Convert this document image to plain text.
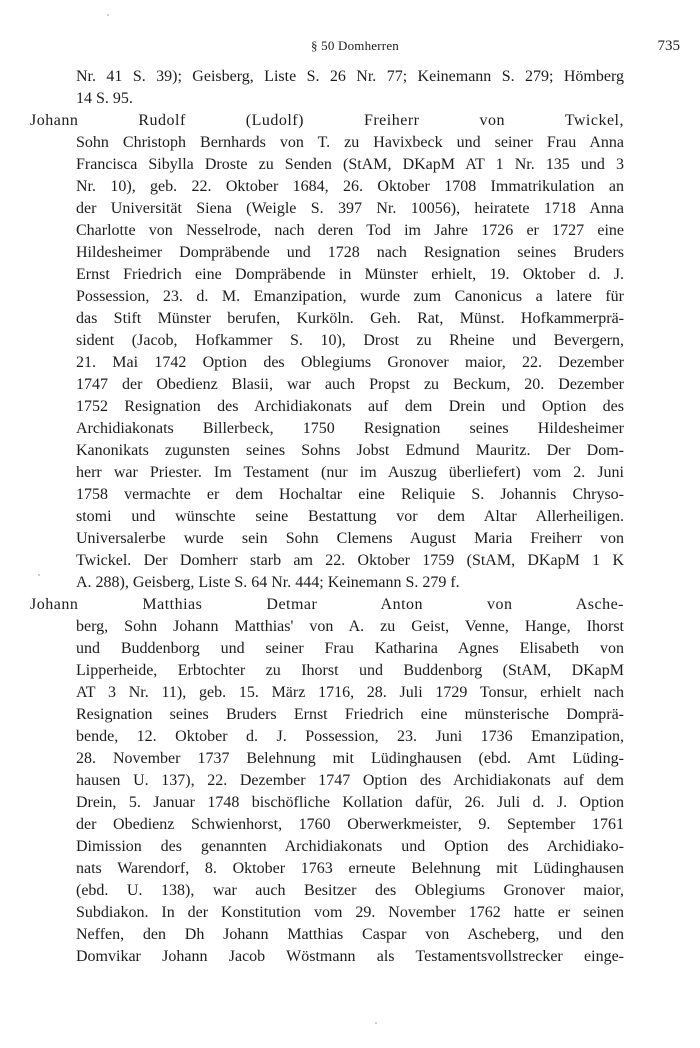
§ 50 Domherren	735
Nr. 41 S. 39); Geisberg, Liste S. 26 Nr. 77; Keinemann S. 279; Hömberg
14 S. 95.
Johann Rudolf (Ludolf) Freiherr von Twickel,
Sohn Christoph Bernhards von T. zu Havixbeck und seiner Frau Anna
Francisca Sibylla Droste zu Senden (StAM, DKapM AT 1 Nr. 135 und 3
Nr. 10), geb. 22. Oktober 1684, 26. Oktober 1708 Immatrikulation an
der Universität Siena (Weigle S. 397 Nr. 10056), heiratete 1718 Anna
Charlotte von Nesselrode, nach deren Tod im Jahre 1726 er 1727 eine
Hildesheimer Dompräbende und 1728 nach Resignation seines Bruders
Ernst Friedrich eine Dompräbende in Münster erhielt, 19. Oktober d. J.
Possession, 23. d. M. Emanzipation, wurde zum Canonicus a latere für
das Stift Münster berufen, Kurköln. Geh. Rat, Münst. Hofkammerprä-
sident (Jacob, Hofkammer S. 10), Drost zu Rheine und Bevergern,
21. Mai 1742 Option des Oblegiums Gronover maior, 22. Dezember
1747 der Obedienz Blasii, war auch Propst zu Beckum, 20. Dezember
1752 Resignation des Archidiakonats auf dem Drein und Option des
Archidiakonats Billerbeck, 1750 Resignation seines Hildesheimer
Kanonikats zugunsten seines Sohns Jobst Edmund Mauritz. Der Dom-
herr war Priester. Im Testament (nur im Auszug überliefert) vom 2. Juni
1758 vermachte er dem Hochaltar eine Reliquie S. Johannis Chryso-
stomi und wünschte seine Bestattung vor dem Altar Allerheiligen.
Universalerbe wurde sein Sohn Clemens August Maria Freiherr von
Twickel. Der Domherr starb am 22. Oktober 1759 (StAM, DKapM 1 K
A. 288), Geisberg, Liste S. 64 Nr. 444; Keinemann S. 279 f.
Johann Matthias Detmar Anton von Asche-
berg, Sohn Johann Matthias' von A. zu Geist, Venne, Hange, Ihorst
und Buddenborg und seiner Frau Katharina Agnes Elisabeth von
Lipperheide, Erbtochter zu Ihorst und Buddenborg (StAM, DKapM
AT 3 Nr. 11), geb. 15. März 1716, 28. Juli 1729 Tonsur, erhielt nach
Resignation seines Bruders Ernst Friedrich eine münsterische Domprä-
bende, 12. Oktober d. J. Possession, 23. Juni 1736 Emanzipation,
28. November 1737 Belehnung mit Lüdinghausen (ebd. Amt Lüding-
hausen U. 137), 22. Dezember 1747 Option des Archidiakonats auf dem
Drein, 5. Januar 1748 bischöfliche Kollation dafür, 26. Juli d. J. Option
der Obedienz Schwienhorst, 1760 Oberwerkmeister, 9. September 1761
Dimission des genannten Archidiakonats und Option des Archidiako-
nats Warendorf, 8. Oktober 1763 erneute Belehnung mit Lüdinghausen
(ebd. U. 138), war auch Besitzer des Oblegiums Gronover maior,
Subdiakon. In der Konstitution vom 29. November 1762 hatte er seinen
Neffen, den Dh Johann Matthias Caspar von Ascheberg, und den
Domvikar Johann Jacob Wöstmann als Testamentsvollstrecker einge-
